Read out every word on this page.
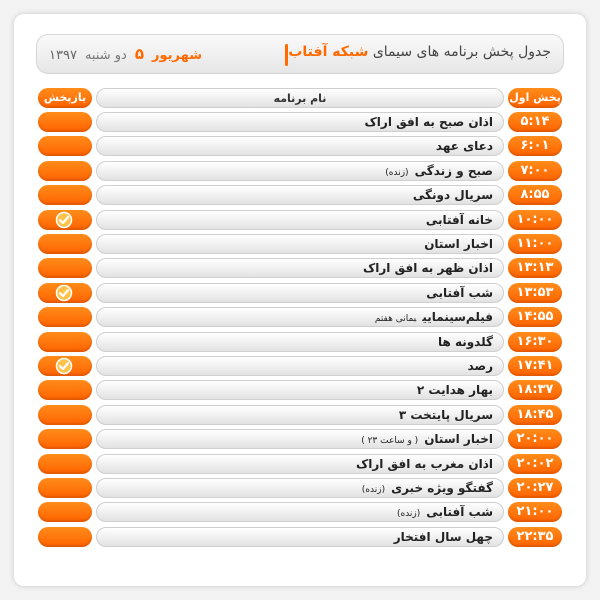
جدول پخش برنامه های سیمای شبکه آفتاب
۱۳۹۷	شهریور۵دو شنبه
بازپخش	نام برنامه	پخش اول
اذان صبح به افق اراک	۵:۱۴
دعای عهد	۶:۰۱
صبح و زندگی(زنده)	۷:۰۰
سریال دونگی	۸:۵۵
خانه آفتابی	۱۰:۰۰
اخبار استان	۱۱:۰۰
اذان ظهر به افق اراک	۱۳:۱۳
شب آفتابی	۱۳:۵۳
فیلم‌سینماییبمانی هفتم	۱۴:۵۵
گلدونه ها	۱۶:۳۰
رصد	۱۷:۴۱
بهار هدایت ۲	۱۸:۳۷
سریال پایتخت ۳	۱۸:۴۵
اخبار استان( و ساعت ۲۳ )	۲۰:۰۰
اذان مغرب به افق اراک	۲۰:۰۲
گفتگو ویژه خبری(زنده)	۲۰:۲۷
شب آفتابی(زنده)	۲۱:۰۰
چهل سال افتخار	۲۲:۳۵
